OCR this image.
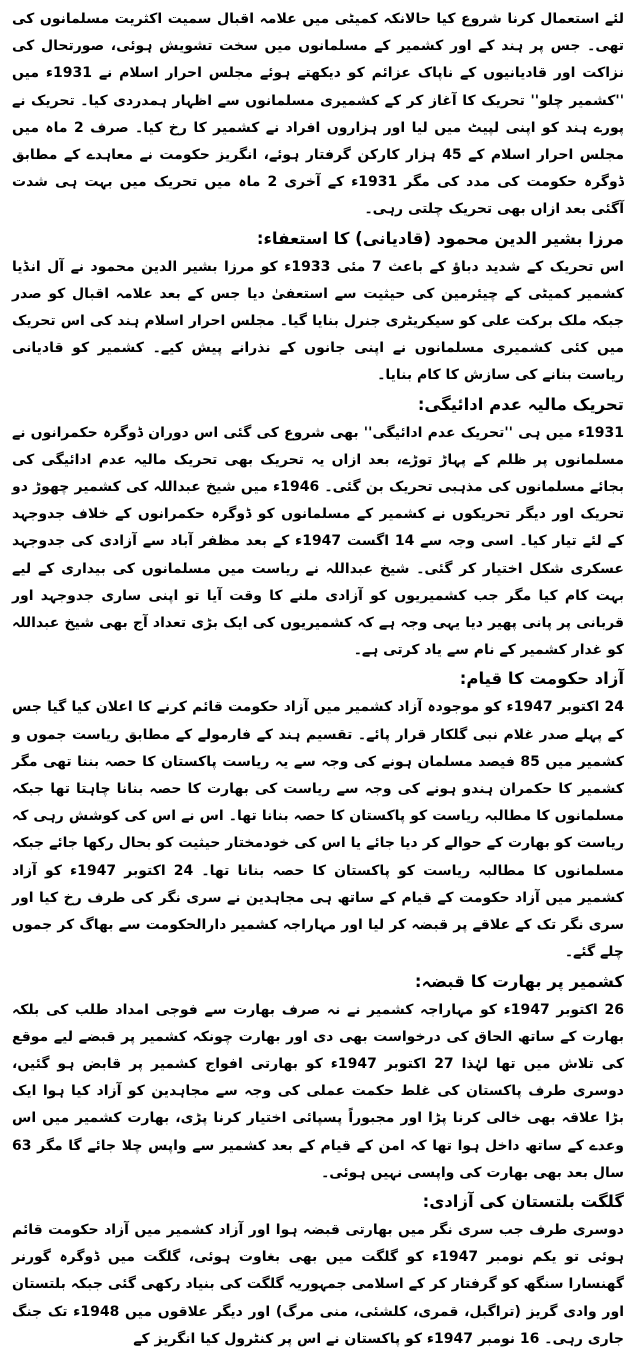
لئے استعمال کرنا شروع کیا حالانکہ کمیٹی میں علامہ اقبال سمیت اکثریت مسلمانوں کی تھی۔ جس پر ہند کے اور کشمیر کے مسلمانوں میں سخت تشویش ہوئی، صورتحال کی نزاکت اور قادیانیوں کے ناپاک عزائم کو دیکھتے ہوئے مجلس احرار اسلام نے 1931ء میں ''کشمیر چلو'' تحریک کا آغاز کر کے کشمیری مسلمانوں سے اظہار ہمدردی کیا۔ تحریک نے پورے ہند کو اپنی لپیٹ میں لیا اور ہزاروں افراد نے کشمیر کا رخ کیا۔ صرف 2 ماہ میں مجلس احرار اسلام کے 45 ہزار کارکن گرفتار ہوئے، انگریز حکومت نے معاہدے کے مطابق ڈوگرہ حکومت کی مدد کی مگر 1931ء کے آخری 2 ماہ میں تحریک میں بہت ہی شدت آگئی بعد ازاں بھی تحریک چلتی رہی۔

مرزا بشیر الدین محمود (قادیانی) کا استعفاء:

اس تحریک کے شدید دباؤ کے باعث 7 مئی 1933ء کو مرزا بشیر الدین محمود نے آل انڈیا کشمیر کمیٹی کے چیئرمین کی حیثیت سے استعفیٰ دیا جس کے بعد علامہ اقبال کو صدر جبکہ ملک برکت علی کو سیکریٹری جنرل بنایا گیا۔ مجلس احرار اسلام ہند کی اس تحریک میں کئی کشمیری مسلمانوں نے اپنی جانوں کے نذرانے پیش کیے۔ کشمیر کو قادیانی ریاست بنانے کی سازش کا کام بنایا۔

تحریک مالیہ عدم ادائیگی:

1931ء میں ہی ''تحریک عدم ادائیگی'' بھی شروع کی گئی اس دوران ڈوگرہ حکمرانوں نے مسلمانوں پر ظلم کے پہاڑ توڑے، بعد ازاں یہ تحریک بھی تحریک مالیہ عدم ادائیگی کی بجائے مسلمانوں کی مذہبی تحریک بن گئی۔ 1946ء میں شیخ عبداللہ کی کشمیر چھوڑ دو تحریک اور دیگر تحریکوں نے کشمیر کے مسلمانوں کو ڈوگرہ حکمرانوں کے خلاف جدوجہد کے لئے تیار کیا۔ اسی وجہ سے 14 اگست 1947ء کے بعد مظفر آباد سے آزادی کی جدوجہد عسکری شکل اختیار کر گئی۔ شیخ عبداللہ نے ریاست میں مسلمانوں کی بیداری کے لیے بہت کام کیا مگر جب کشمیریوں کو آزادی ملنے کا وقت آیا تو اپنی ساری جدوجہد اور قربانی پر پانی پھیر دیا یہی وجہ ہے کہ کشمیریوں کی ایک بڑی تعداد آج بھی شیخ عبداللہ کو غدار کشمیر کے نام سے یاد کرتی ہے۔

آزاد حکومت کا قیام:

24 اکتوبر 1947ء کو موجودہ آزاد کشمیر میں آزاد حکومت قائم کرنے کا اعلان کیا گیا جس کے پہلے صدر غلام نبی گلکار قرار پائے۔ تقسیم ہند کے فارمولے کے مطابق ریاست جموں و کشمیر میں 85 فیصد مسلمان ہونے کی وجہ سے یہ ریاست پاکستان کا حصہ بننا تھی مگر کشمیر کا حکمران ہندو ہونے کی وجہ سے ریاست کی بھارت کا حصہ بنانا چاہتا تھا جبکہ مسلمانوں کا مطالبہ ریاست کو پاکستان کا حصہ بنانا تھا۔ اس نے اس کی کوشش رہی کہ ریاست کو بھارت کے حوالے کر دیا جائے یا اس کی خودمختار حیثیت کو بحال رکھا جائے جبکہ مسلمانوں کا مطالبہ ریاست کو پاکستان کا حصہ بنانا تھا۔ 24 اکتوبر 1947ء کو آزاد کشمیر میں آزاد حکومت کے قیام کے ساتھ ہی مجاہدین نے سری نگر کی طرف رخ کیا اور سری نگر تک کے علاقے پر قبضہ کر لیا اور مہاراجہ کشمیر دارالحکومت سے بھاگ کر جموں چلے گئے۔

کشمیر پر بھارت کا قبضہ:

26 اکتوبر 1947ء کو مہاراجہ کشمیر نے نہ صرف بھارت سے فوجی امداد طلب کی بلکہ بھارت کے ساتھ الحاق کی درخواست بھی دی اور بھارت چونکہ کشمیر پر قبضے لیے موقع کی تلاش میں تھا لہٰذا 27 اکتوبر 1947ء کو بھارتی افواج کشمیر پر قابض ہو گئیں، دوسری طرف پاکستان کی غلط حکمت عملی کی وجہ سے مجاہدین کو آزاد کیا ہوا ایک بڑا علاقہ بھی خالی کرنا پڑا اور مجبوراً پسپائی اختیار کرنا پڑی، بھارت کشمیر میں اس وعدے کے ساتھ داخل ہوا تھا کہ امن کے قیام کے بعد کشمیر سے واپس چلا جائے گا مگر 63 سال بعد بھی بھارت کی واپسی نہیں ہوئی۔

گلگت بلتستان کی آزادی:

دوسری طرف جب سری نگر میں بھارتی قبضہ ہوا اور آزاد کشمیر میں آزاد حکومت قائم ہوئی تو یکم نومبر 1947ء کو گلگت میں بھی بغاوت ہوئی، گلگت میں ڈوگرہ گورنر گھنسارا سنگھ کو گرفتار کر کے اسلامی جمہوریہ گلگت کی بنیاد رکھی گئی جبکہ بلتستان اور وادی گریز (تراگبل، قمری، کلشئی، منی مرگ) اور دیگر علاقوں میں 1948ء تک جنگ جاری رہی۔ 16 نومبر 1947ء کو پاکستان نے اس پر کنٹرول کیا انگریز کے
